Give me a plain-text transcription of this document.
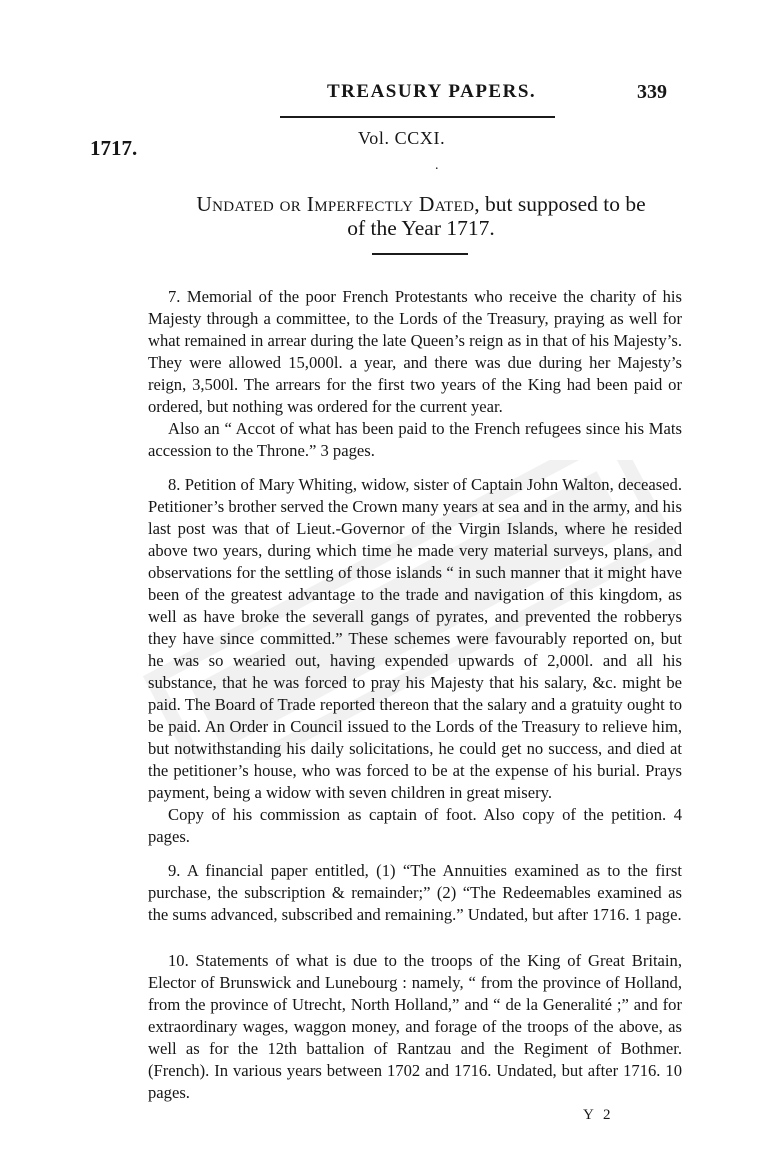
TREASURY PAPERS.	339
1717.	Vol. CCXI.
.
Undated or Imperfectly Dated, but supposed to be
of the Year 1717.

7. Memorial of the poor French Protestants who receive the charity of his Majesty through a committee, to the Lords of the Treasury, praying as well for what remained in arrear during the late Queen’s reign as in that of his Majesty’s. They were allowed 15,000l. a year, and there was due during her Majesty’s reign, 3,500l. The arrears for the first two years of the King had been paid or ordered, but nothing was ordered for the current year.

Also an “ Accot of what has been paid to the French refugees since his Mats accession to the Throne.” 3 pages.

8. Petition of Mary Whiting, widow, sister of Captain John Walton, deceased. Petitioner’s brother served the Crown many years at sea and in the army, and his last post was that of Lieut.-Governor of the Virgin Islands, where he resided above two years, during which time he made very material surveys, plans, and observations for the settling of those islands “ in such manner that it might have been of the greatest advantage to the trade and navigation of this kingdom, as well as have broke the severall gangs of pyrates, and prevented the robberys they have since committed.” These schemes were favourably reported on, but he was so wearied out, having expended upwards of 2,000l. and all his substance, that he was forced to pray his Majesty that his salary, &c. might be paid. The Board of Trade reported thereon that the salary and a gratuity ought to be paid. An Order in Council issued to the Lords of the Treasury to relieve him, but notwithstanding his daily solicitations, he could get no success, and died at the petitioner’s house, who was forced to be at the expense of his burial. Prays payment, being a widow with seven children in great misery.

Copy of his commission as captain of foot. Also copy of the petition. 4 pages.

9. A financial paper entitled, (1) “The Annuities examined as to the first purchase, the subscription & remainder;” (2) “The Redeemables examined as the sums advanced, subscribed and remaining.” Undated, but after 1716. 1 page.

10. Statements of what is due to the troops of the King of Great Britain, Elector of Brunswick and Lunebourg : namely, “ from the province of Holland, from the province of Utrecht, North Holland,” and “ de la Generalité ;” and for extraordinary wages, waggon money, and forage of the troops of the above, as well as for the 12th battalion of Rantzau and the Regiment of Bothmer. (French). In various years between 1702 and 1716. Undated, but after 1716. 10 pages.

Y 2
